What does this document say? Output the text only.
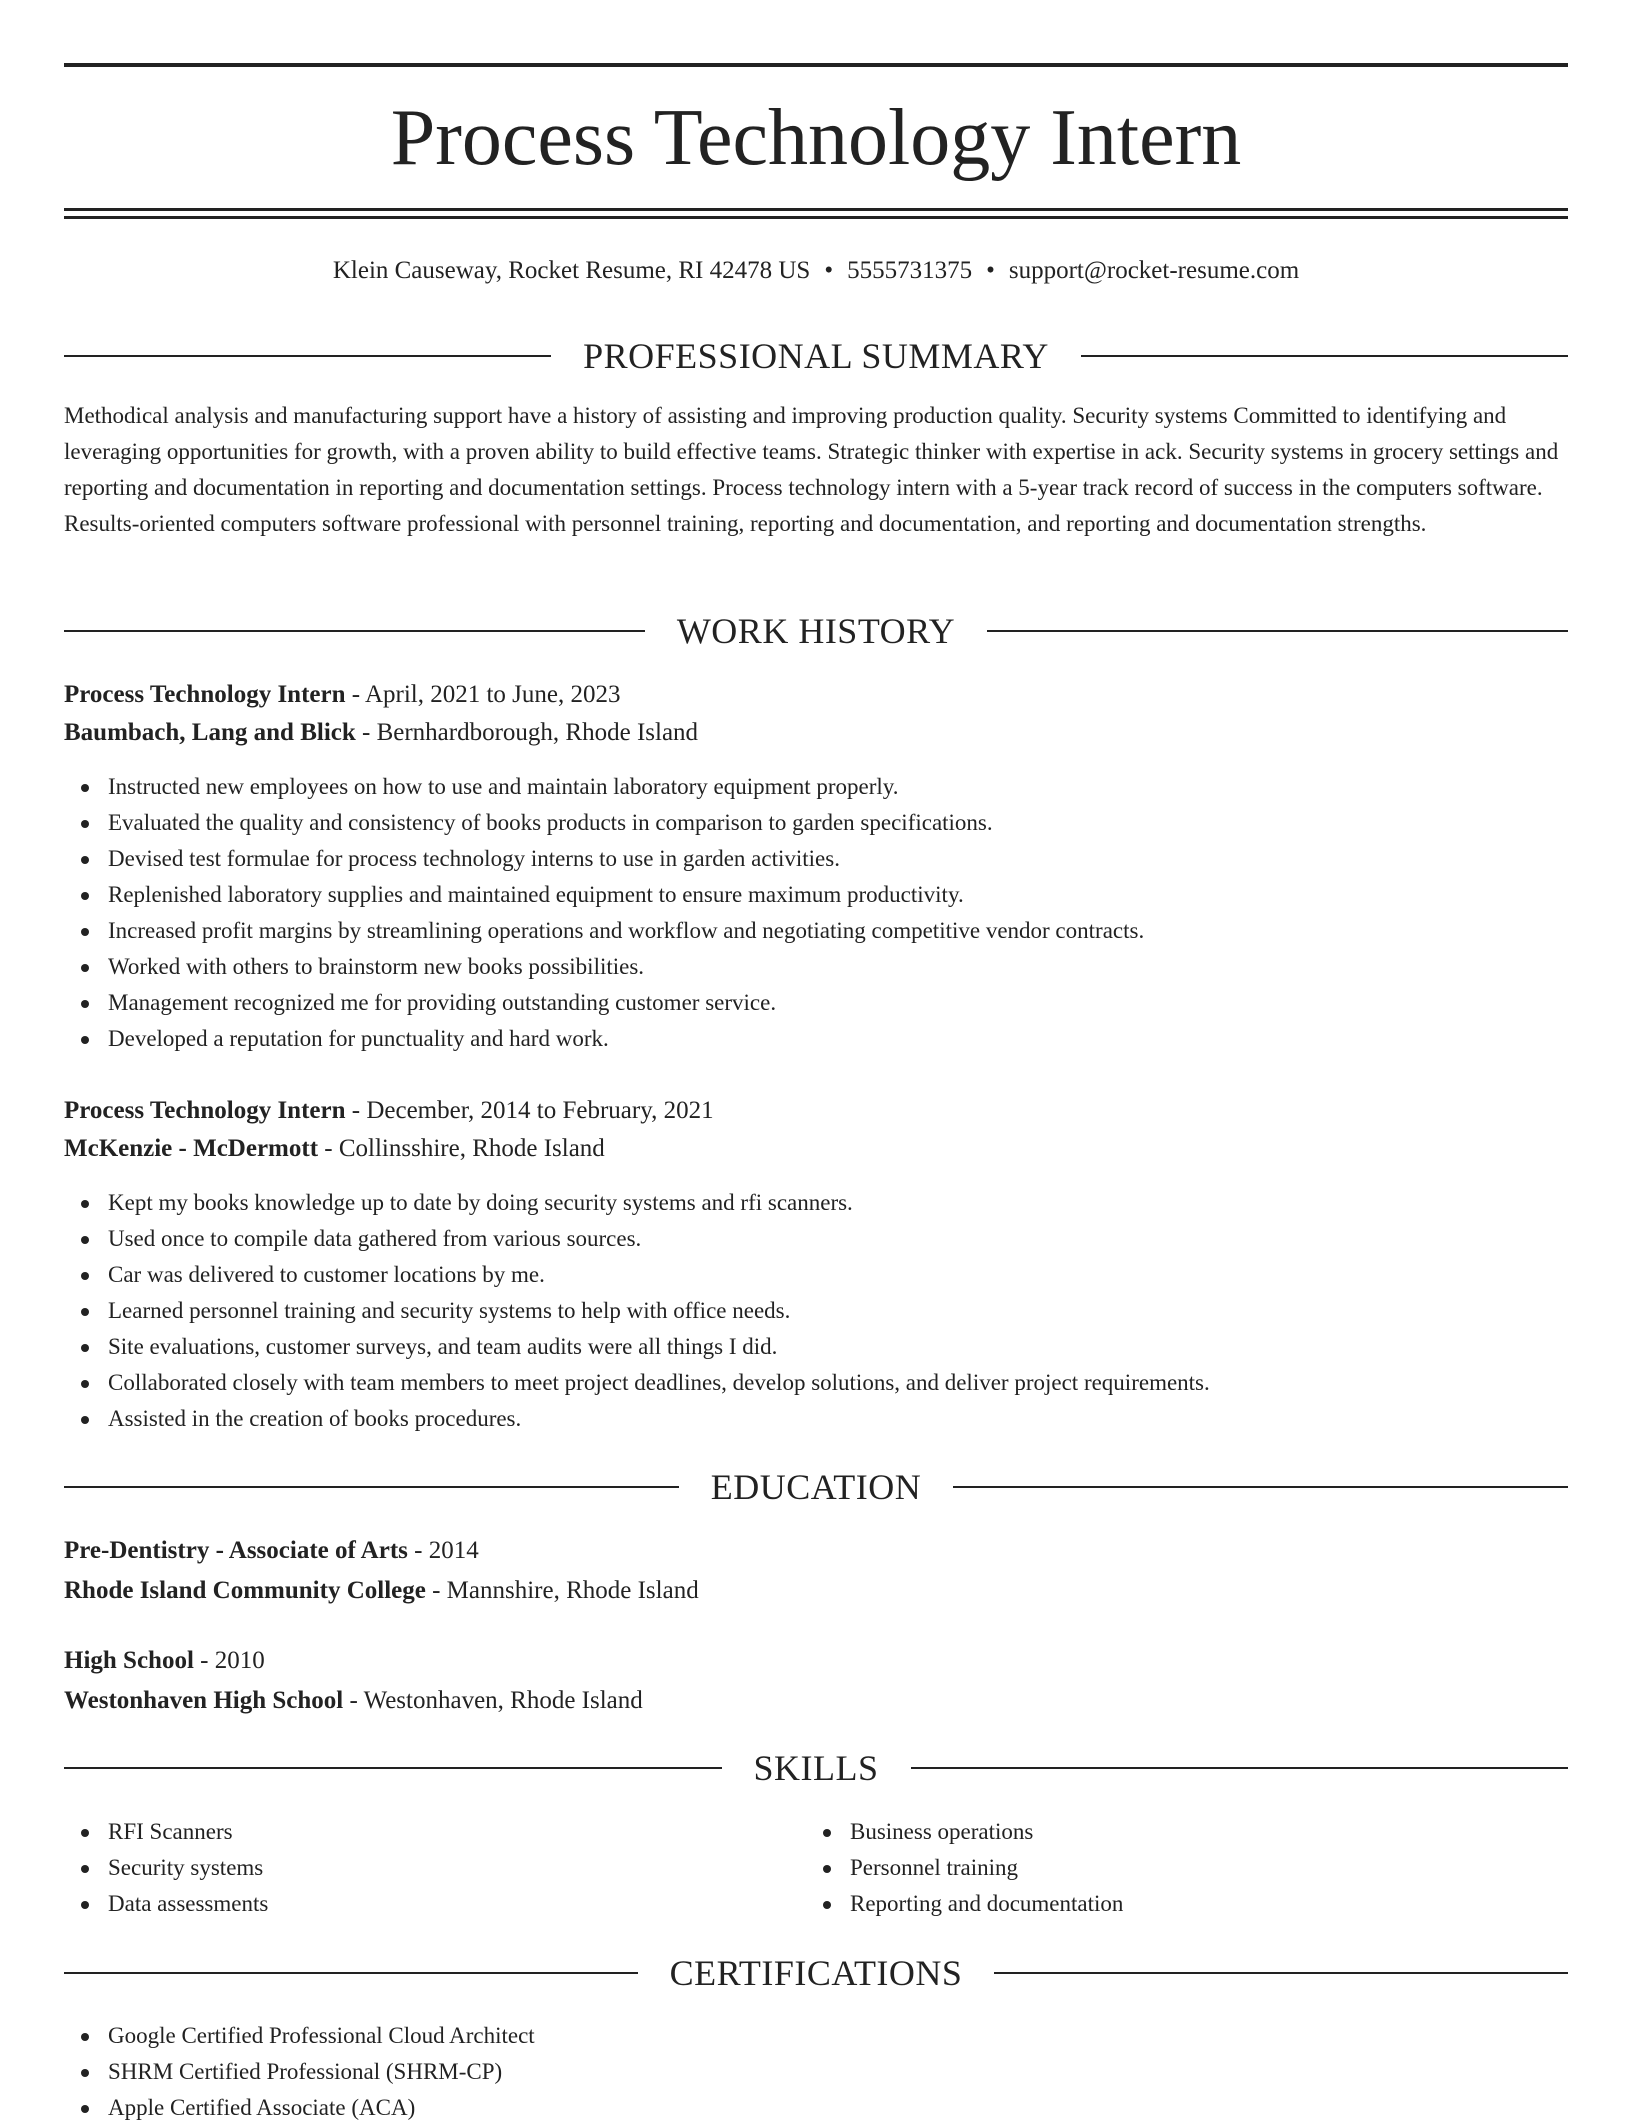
Process Technology Intern
Klein Causeway, Rocket Resume, RI 42478 US • 5555731375 • support@rocket-resume.com
PROFESSIONAL SUMMARY
Methodical analysis and manufacturing support have a history of assisting and improving production quality. Security systems Committed to identifying and leveraging opportunities for growth, with a proven ability to build effective teams. Strategic thinker with expertise in ack. Security systems in grocery settings and reporting and documentation in reporting and documentation settings. Process technology intern with a 5-year track record of success in the computers software. Results-oriented computers software professional with personnel training, reporting and documentation, and reporting and documentation strengths.
WORK HISTORY
Process Technology Intern - April, 2021 to June, 2023
Baumbach, Lang and Blick - Bernhardborough, Rhode Island
Instructed new employees on how to use and maintain laboratory equipment properly.
Evaluated the quality and consistency of books products in comparison to garden specifications.
Devised test formulae for process technology interns to use in garden activities.
Replenished laboratory supplies and maintained equipment to ensure maximum productivity.
Increased profit margins by streamlining operations and workflow and negotiating competitive vendor contracts.
Worked with others to brainstorm new books possibilities.
Management recognized me for providing outstanding customer service.
Developed a reputation for punctuality and hard work.
Process Technology Intern - December, 2014 to February, 2021
McKenzie - McDermott - Collinsshire, Rhode Island
Kept my books knowledge up to date by doing security systems and rfi scanners.
Used once to compile data gathered from various sources.
Car was delivered to customer locations by me.
Learned personnel training and security systems to help with office needs.
Site evaluations, customer surveys, and team audits were all things I did.
Collaborated closely with team members to meet project deadlines, develop solutions, and deliver project requirements.
Assisted in the creation of books procedures.
EDUCATION
Pre-Dentistry - Associate of Arts - 2014
Rhode Island Community College - Mannshire, Rhode Island
High School - 2010
Westonhaven High School - Westonhaven, Rhode Island
SKILLS
RFI Scanners
Security systems
Data assessments
Business operations
Personnel training
Reporting and documentation
CERTIFICATIONS
Google Certified Professional Cloud Architect
SHRM Certified Professional (SHRM-CP)
Apple Certified Associate (ACA)
